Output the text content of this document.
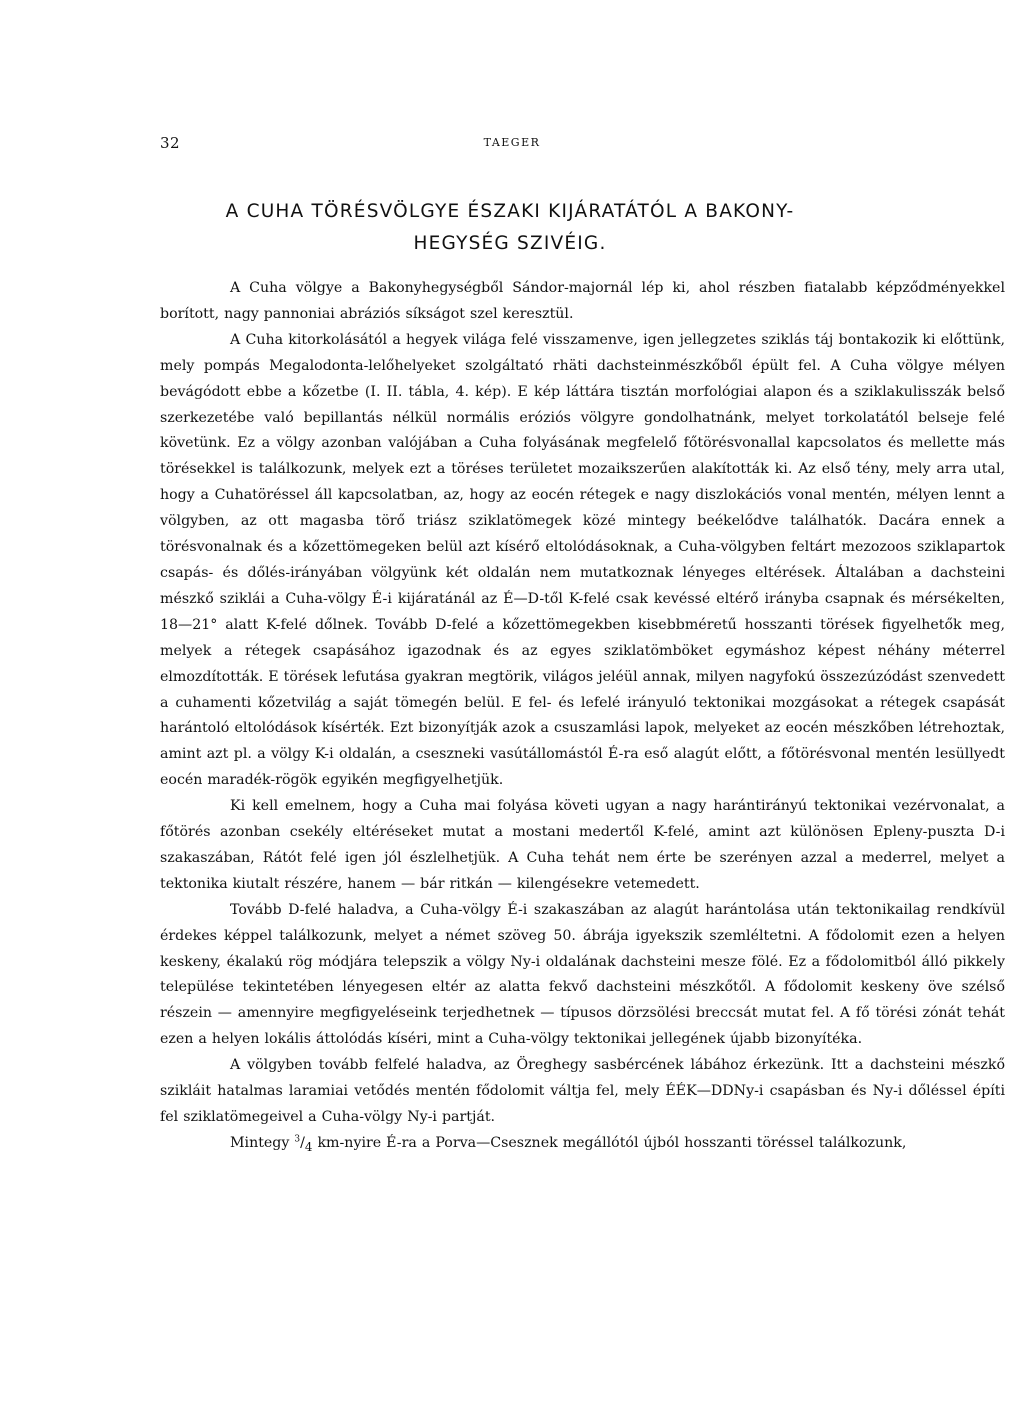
32	TAEGER
A CUHA TÖRÉSVÖLGYE ÉSZAKI KIJÁRATÁTÓL A BAKONY-HEGYSÉG SZIVÉIG.

A Cuha völgye a Bakonyhegységből Sándor-majornál lép ki, ahol részben fiatalabb képződményekkel borított, nagy pannoniai abráziós síkságot szel keresztül.

A Cuha kitorkolásától a hegyek világa felé visszamenve, igen jellegzetes sziklás táj bontakozik ki előttünk, mely pompás Megalodonta-lelőhelyeket szolgáltató rhäti dachsteinmészkőből épült fel. A Cuha völgye mélyen bevágódott ebbe a kőzetbe (I. II. tábla, 4. kép). E kép láttára tisztán morfológiai alapon és a sziklakulisszák belső szerkezetébe való bepillantás nélkül normális eróziós völgyre gondolhatnánk, melyet torkolatától belseje felé követünk. Ez a völgy azonban valójában a Cuha folyásának megfelelő főtörésvonallal kapcsolatos és mellette más törésekkel is találkozunk, melyek ezt a töréses területet mozaikszerűen alakították ki. Az első tény, mely arra utal, hogy a Cuhatöréssel áll kapcsolatban, az, hogy az eocén rétegek e nagy diszlokációs vonal mentén, mélyen lennt a völgyben, az ott magasba törő triász sziklatömegek közé mintegy beékelődve találhatók. Dacára ennek a törésvonalnak és a kőzettömegeken belül azt kísérő eltolódásoknak, a Cuha-völgyben feltárt mezozoos sziklapartok csapás- és dőlés-irányában völgyünk két oldalán nem mutatkoznak lényeges eltérések. Általában a dachsteini mészkő sziklái a Cuha-völgy É-i kijáratánál az É—D-től K-felé csak kevéssé eltérő irányba csapnak és mérsékelten, 18—21° alatt K-felé dőlnek. Tovább D-felé a kőzettömegekben kisebbméretű hosszanti törések figyelhetők meg, melyek a rétegek csapásához igazodnak és az egyes sziklatömböket egymáshoz képest néhány méterrel elmozdították. E törések lefutása gyakran megtörik, világos jeléül annak, milyen nagyfokú összezúzódást szenvedett a cuhamenti kőzetvilág a saját tömegén belül. E fel- és lefelé irányuló tektonikai mozgásokat a rétegek csapását harántoló eltolódások kísérték. Ezt bizonyítják azok a csuszamlási lapok, melyeket az eocén mészkőben létrehoztak, amint azt pl. a völgy K-i oldalán, a csesznekі vasútállomástól É-ra eső alagút előtt, a főtörésvonal mentén lesüllyedt eocén maradék-rögök egyikén megfigyelhetjük.

Ki kell emelnem, hogy a Cuha mai folyása követi ugyan a nagy harántirányú tektonikai vezérvonalat, a főtörés azonban csekély eltéréseket mutat a mostani medertől K-felé, amint azt különösen Epleny-puszta D-i szakaszában, Rátót felé igen jól észlelhetjük. A Cuha tehát nem érte be szerényen azzal a mederrel, melyet a tektonika kiutalt részére, hanem — bár ritkán — kilengésekre vetemedett.

Tovább D-felé haladva, a Cuha-völgy É-i szakaszában az alagút harántolása után tektonikailag rendkívül érdekes képpel találkozunk, melyet a német szöveg 50. ábrája igyekszik szemléltetni. A fődolomit ezen a helyen keskeny, ékalakú rög módjára telepszik a völgy Ny-i oldalának dachsteini mesze fölé. Ez a fődolomitból álló pikkely települése tekintetében lényegesen eltér az alatta fekvő dachsteini mészkőtől. A fődolomit keskeny öve szélső részein — amennyire megfigyeléseink terjedhetnek — típusos dörzsölési breccsát mutat fel. A fő törési zónát tehát ezen a helyen lokális áttolódás kíséri, mint a Cuha-völgy tektonikai jellegének újabb bizonyítéka.

A völgyben tovább felfelé haladva, az Öreghegy sasbércének lábához érkezünk. Itt a dachsteini mészkő szikláit hatalmas laramiai vetődés mentén fődolomit váltja fel, mely ÉÉK—DDNy-i csapásban és Ny-i dőléssel építi fel sziklatömegeivel a Cuha-völgy Ny-i partját.

Mintegy $^3/_4$ km-nyire É-ra a Porva—Csesznek megállótól újból hosszanti töréssel találkozunk,
